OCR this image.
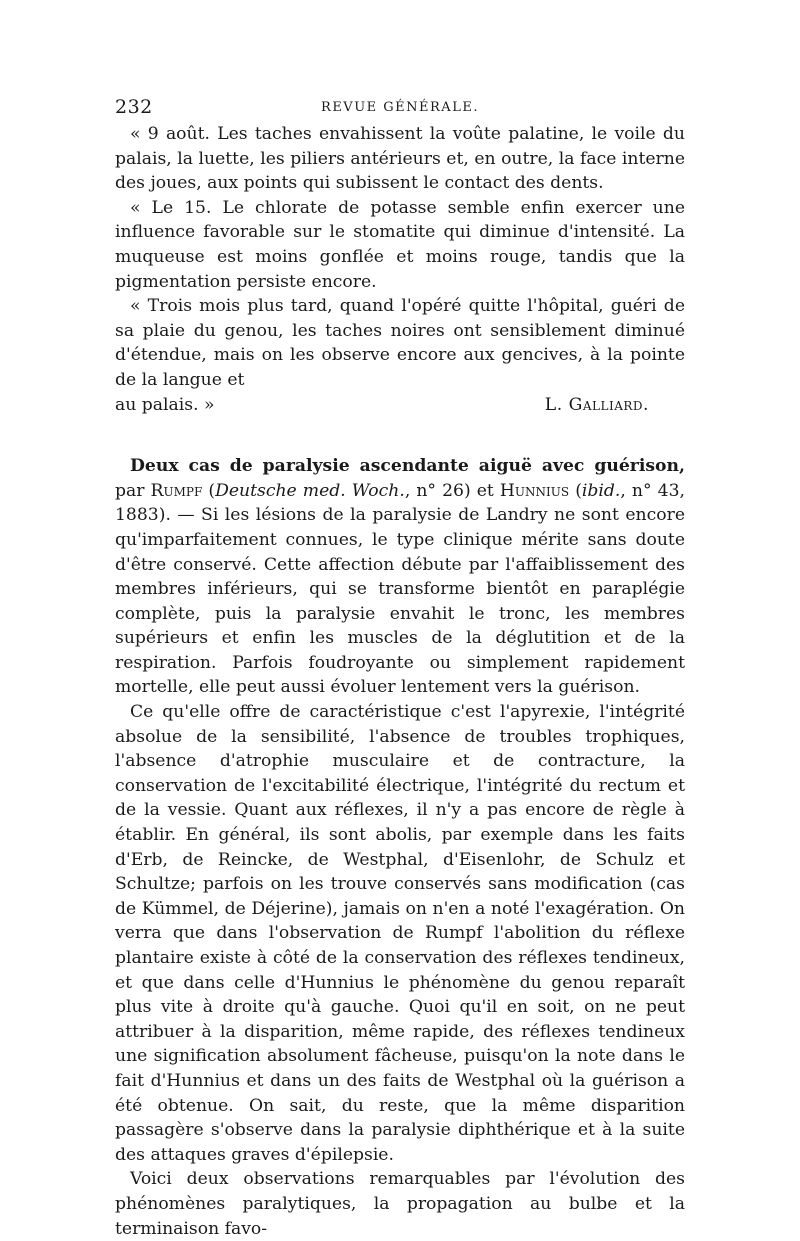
232	REVUE GÉNÉRALE.

« 9 août. Les taches envahissent la voûte palatine, le voile du palais, la luette, les piliers antérieurs et, en outre, la face interne des joues, aux points qui subissent le contact des dents.

« Le 15. Le chlorate de potasse semble enfin exercer une influence favorable sur le stomatite qui diminue d'intensité. La muqueuse est moins gonflée et moins rouge, tandis que la pigmentation persiste encore.

« Trois mois plus tard, quand l'opéré quitte l'hôpital, guéri de sa plaie du genou, les taches noires ont sensiblement diminué d'étendue, mais on les observe encore aux gencives, à la pointe de la langue et

au palais. »	L. Galliard.

Deux cas de paralysie ascendante aiguë avec guérison, par Rumpf (Deutsche med. Woch., n° 26) et Hunnius (ibid., n° 43, 1883). — Si les lésions de la paralysie de Landry ne sont encore qu'imparfaitement connues, le type clinique mérite sans doute d'être conservé. Cette affection débute par l'affaiblissement des membres inférieurs, qui se transforme bientôt en paraplégie complète, puis la paralysie envahit le tronc, les membres supérieurs et enfin les muscles de la déglutition et de la respiration. Parfois foudroyante ou simplement rapidement mortelle, elle peut aussi évoluer lentement vers la guérison.

Ce qu'elle offre de caractéristique c'est l'apyrexie, l'intégrité absolue de la sensibilité, l'absence de troubles trophiques, l'absence d'atrophie musculaire et de contracture, la conservation de l'excitabilité électrique, l'intégrité du rectum et de la vessie. Quant aux réflexes, il n'y a pas encore de règle à établir. En général, ils sont abolis, par exemple dans les faits d'Erb, de Reincke, de Westphal, d'Eisenlohr, de Schulz et Schultze; parfois on les trouve conservés sans modification (cas de Kümmel, de Déjerine), jamais on n'en a noté l'exagération. On verra que dans l'observation de Rumpf l'abolition du réflexe plantaire existe à côté de la conservation des réflexes tendineux, et que dans celle d'Hunnius le phénomène du genou reparaît plus vite à droite qu'à gauche. Quoi qu'il en soit, on ne peut attribuer à la disparition, même rapide, des réflexes tendineux une signification absolument fâcheuse, puisqu'on la note dans le fait d'Hunnius et dans un des faits de Westphal où la guérison a été obtenue. On sait, du reste, que la même disparition passagère s'observe dans la paralysie diphthérique et à la suite des attaques graves d'épilepsie.

Voici deux observations remarquables par l'évolution des phénomènes paralytiques, la propagation au bulbe et la terminaison favo-
